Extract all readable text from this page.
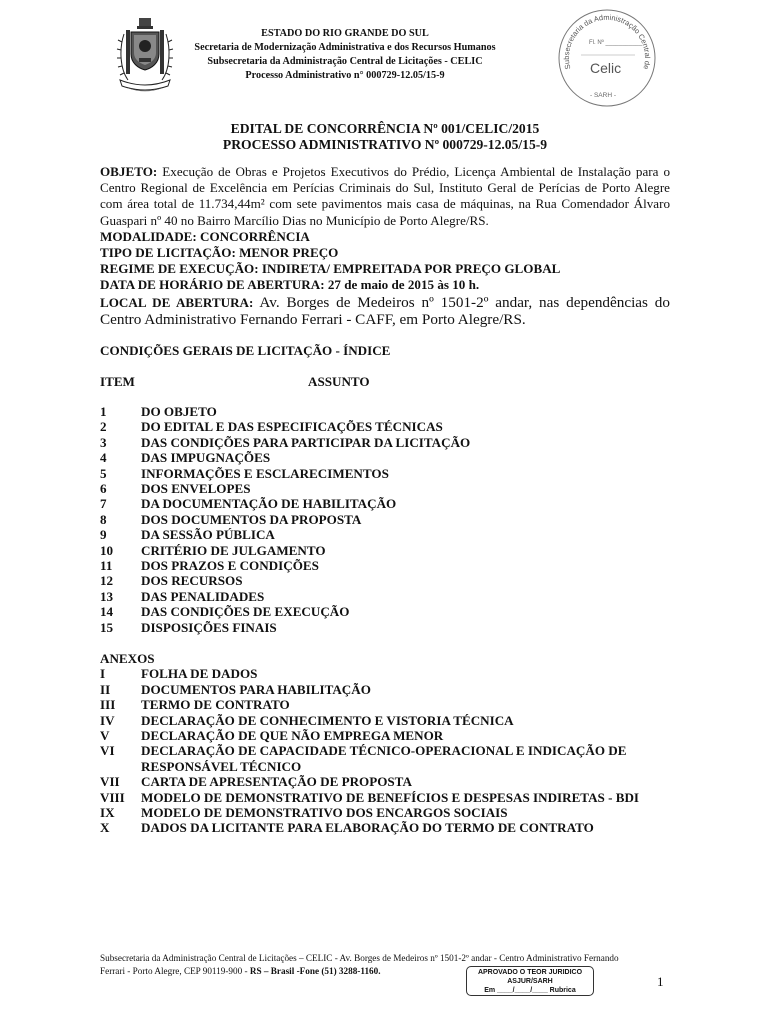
ESTADO DO RIO GRANDE DO SUL
Secretaria de Modernização Administrativa e dos Recursos Humanos
Subsecretaria da Administração Central de Licitações - CELIC
Processo Administrativo n° 000729-12.05/15-9
Subsecretaria da Administração Central de
Fl. Nº ___________
Celic
- SARH -
EDITAL DE CONCORRÊNCIA Nº 001/CELIC/2015
PROCESSO ADMINISTRATIVO Nº 000729-12.05/15-9

OBJETO: Execução de Obras e Projetos Executivos do Prédio, Licença Ambiental de Instalação para o Centro Regional de Excelência em Perícias Criminais do Sul, Instituto Geral de Perícias de Porto Alegre com área total de 11.734,44m² com sete pavimentos mais casa de máquinas, na Rua Comendador Álvaro Guaspari nº 40 no Bairro Marcílio Dias no Município de Porto Alegre/RS.

MODALIDADE: CONCORRÊNCIA

TIPO DE LICITAÇÃO: MENOR PREÇO

REGIME DE EXECUÇÃO: INDIRETA/ EMPREITADA POR PREÇO GLOBAL

DATA DE HORÁRIO DE ABERTURA: 27 de maio de 2015 às 10 h.

LOCAL DE ABERTURA: Av. Borges de Medeiros nº 1501-2º andar, nas dependências do Centro Administrativo Fernando Ferrari - CAFF, em Porto Alegre/RS.

CONDIÇÕES GERAIS DE LICITAÇÃO - ÍNDICE
ITEM	ASSUNTO
1	DO OBJETO
2	DO EDITAL E DAS ESPECIFICAÇÕES TÉCNICAS
3	DAS CONDIÇÕES PARA PARTICIPAR DA LICITAÇÃO
4	DAS IMPUGNAÇÕES
5	INFORMAÇÕES E ESCLARECIMENTOS
6	DOS ENVELOPES
7	DA DOCUMENTAÇÃO DE HABILITAÇÃO
8	DOS DOCUMENTOS DA PROPOSTA
9	DA SESSÃO PÚBLICA
10	CRITÉRIO DE JULGAMENTO
11	DOS PRAZOS E CONDIÇÕES
12	DOS RECURSOS
13	DAS PENALIDADES
14	DAS CONDIÇÕES DE EXECUÇÃO
15	DISPOSIÇÕES FINAIS
ANEXOS
I	FOLHA DE DADOS
II	DOCUMENTOS PARA HABILITAÇÃO
III	TERMO DE CONTRATO
IV	DECLARAÇÃO DE CONHECIMENTO E VISTORIA TÉCNICA
V	DECLARAÇÃO DE QUE NÃO EMPREGA MENOR
VI	DECLARAÇÃO DE CAPACIDADE TÉCNICO-OPERACIONAL E INDICAÇÃO DE RESPONSÁVEL TÉCNICO
VII	CARTA DE APRESENTAÇÃO DE PROPOSTA
VIII	MODELO DE DEMONSTRATIVO DE BENEFÍCIOS E DESPESAS INDIRETAS - BDI
IX	MODELO DE DEMONSTRATIVO DOS ENCARGOS SOCIAIS
X	DADOS DA LICITANTE PARA ELABORAÇÃO DO TERMO DE CONTRATO
Subsecretaria da Administração Central de Licitações – CELIC - Av. Borges de Medeiros nº 1501-2º andar - Centro Administrativo Fernando
Ferrari - Porto Alegre, CEP 90119-900 - RS – Brasil -Fone (51) 3288-1160.	APROVADO O TEOR JURIDICO
ASJUR/SARH
Em ____/____/____ Rubrica
1
